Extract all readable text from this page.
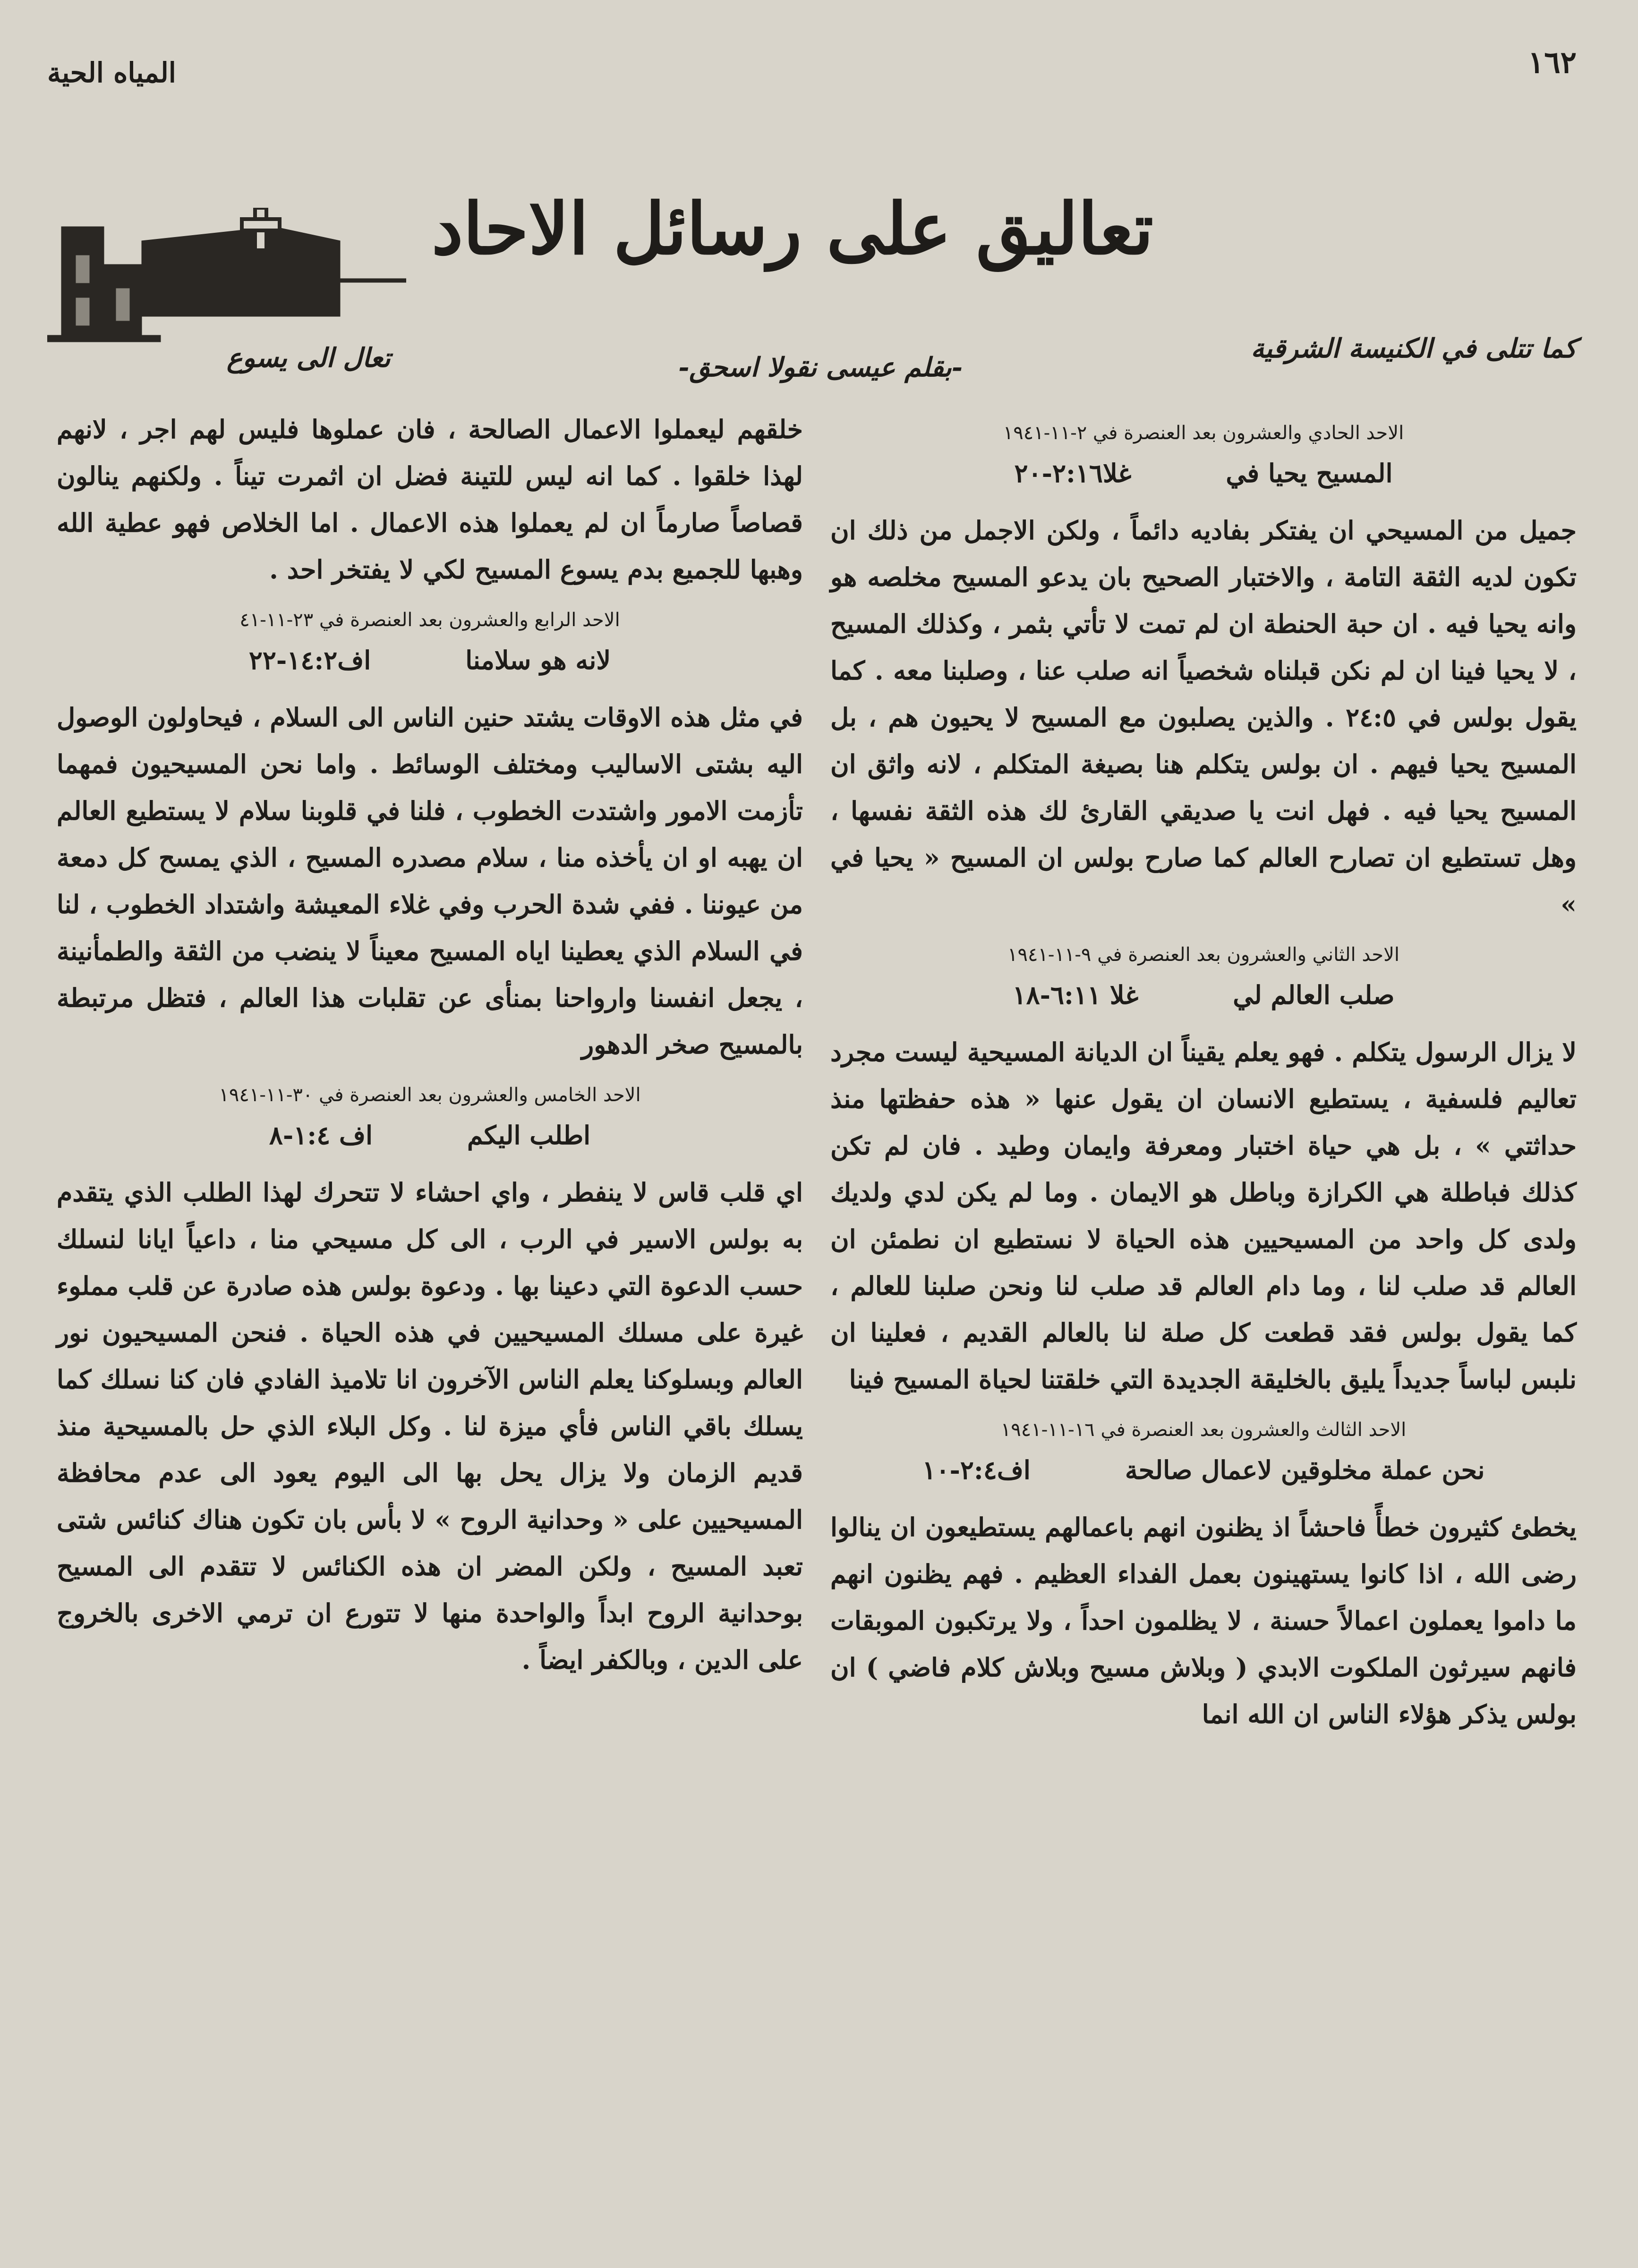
١٦٢
المياه الحية
تعاليق على رسائل الاحاد
كما تتلى في الكنيسة الشرقية
-بقلم عيسى نقولا اسحق-
تعال الى يسوع
الاحد الحادي والعشرون بعد العنصرة في ٢-١١-١٩٤١
المسيح يحيا في
غلا٢:١٦-٢٠

جميل من المسيحي ان يفتكر بفاديه دائماً ، ولكن الاجمل من ذلك ان تكون لديه الثقة التامة ، والاختبار الصحيح بان يدعو المسيح مخلصه هو وانه يحيا فيه . ان حبة الحنطة ان لم تمت لا تأتي بثمر ، وكذلك المسيح ، لا يحيا فينا ان لم نكن قبلناه شخصياً انه صلب عنا ، وصلبنا معه . كما يقول بولس في ٢٤:٥ . والذين يصلبون مع المسيح لا يحيون هم ، بل المسيح يحيا فيهم . ان بولس يتكلم هنا بصيغة المتكلم ، لانه واثق ان المسيح يحيا فيه . فهل انت يا صديقي القارئ لك هذه الثقة نفسها ، وهل تستطيع ان تصارح العالم كما صارح بولس ان المسيح « يحيا في »

الاحد الثاني والعشرون بعد العنصرة في ٩-١١-١٩٤١
صلب العالم لي
غلا ٦:١١-١٨

لا يزال الرسول يتكلم . فهو يعلم يقيناً ان الديانة المسيحية ليست مجرد تعاليم فلسفية ، يستطيع الانسان ان يقول عنها « هذه حفظتها منذ حداثتي » ، بل هي حياة اختبار ومعرفة وايمان وطيد . فان لم تكن كذلك فباطلة هي الكرازة وباطل هو الايمان . وما لم يكن لدي ولديك ولدى كل واحد من المسيحيين هذه الحياة لا نستطيع ان نطمئن ان العالم قد صلب لنا ، وما دام العالم قد صلب لنا ونحن صلبنا للعالم ، كما يقول بولس فقد قطعت كل صلة لنا بالعالم القديم ، فعلينا ان نلبس لباساً جديداً يليق بالخليقة الجديدة التي خلقتنا لحياة المسيح فينا

الاحد الثالث والعشرون بعد العنصرة في ١٦-١١-١٩٤١
نحن عملة مخلوقين لاعمال صالحة
اف٢:٤-١٠

يخطئ كثيرون خطأً فاحشاً اذ يظنون انهم باعمالهم يستطيعون ان ينالوا رضى الله ، اذا كانوا يستهينون بعمل الفداء العظيم . فهم يظنون انهم ما داموا يعملون اعمالاً حسنة ، لا يظلمون احداً ، ولا يرتكبون الموبقات فانهم سيرثون الملكوت الابدي ( وبلاش مسيح وبلاش كلام فاضي ) ان بولس يذكر هؤلاء الناس ان الله انما

خلقهم ليعملوا الاعمال الصالحة ، فان عملوها فليس لهم اجر ، لانهم لهذا خلقوا . كما انه ليس للتينة فضل ان اثمرت تيناً . ولكنهم ينالون قصاصاً صارماً ان لم يعملوا هذه الاعمال . اما الخلاص فهو عطية الله وهبها للجميع بدم يسوع المسيح لكي لا يفتخر احد .

الاحد الرابع والعشرون بعد العنصرة في ٢٣-١١-٤١
لانه هو سلامنا
اف١٤:٢-٢٢

في مثل هذه الاوقات يشتد حنين الناس الى السلام ، فيحاولون الوصول اليه بشتى الاساليب ومختلف الوسائط . واما نحن المسيحيون فمهما تأزمت الامور واشتدت الخطوب ، فلنا في قلوبنا سلام لا يستطيع العالم ان يهبه او ان يأخذه منا ، سلام مصدره المسيح ، الذي يمسح كل دمعة من عيوننا . ففي شدة الحرب وفي غلاء المعيشة واشتداد الخطوب ، لنا في السلام الذي يعطينا اياه المسيح معيناً لا ينضب من الثقة والطمأنينة ، يجعل انفسنا وارواحنا بمنأى عن تقلبات هذا العالم ، فتظل مرتبطة بالمسيح صخر الدهور

الاحد الخامس والعشرون بعد العنصرة في ٣٠-١١-١٩٤١
اطلب اليكم
اف ١:٤-٨

اي قلب قاس لا ينفطر ، واي احشاء لا تتحرك لهذا الطلب الذي يتقدم به بولس الاسير في الرب ، الى كل مسيحي منا ، داعياً ايانا لنسلك حسب الدعوة التي دعينا بها . ودعوة بولس هذه صادرة عن قلب مملوء غيرة على مسلك المسيحيين في هذه الحياة . فنحن المسيحيون نور العالم وبسلوكنا يعلم الناس الآخرون انا تلاميذ الفادي فان كنا نسلك كما يسلك باقي الناس فأي ميزة لنا . وكل البلاء الذي حل بالمسيحية منذ قديم الزمان ولا يزال يحل بها الى اليوم يعود الى عدم محافظة المسيحيين على « وحدانية الروح » لا بأس بان تكون هناك كنائس شتى تعبد المسيح ، ولكن المضر ان هذه الكنائس لا تتقدم الى المسيح بوحدانية الروح ابداً والواحدة منها لا تتورع ان ترمي الاخرى بالخروج على الدين ، وبالكفر ايضاً .
